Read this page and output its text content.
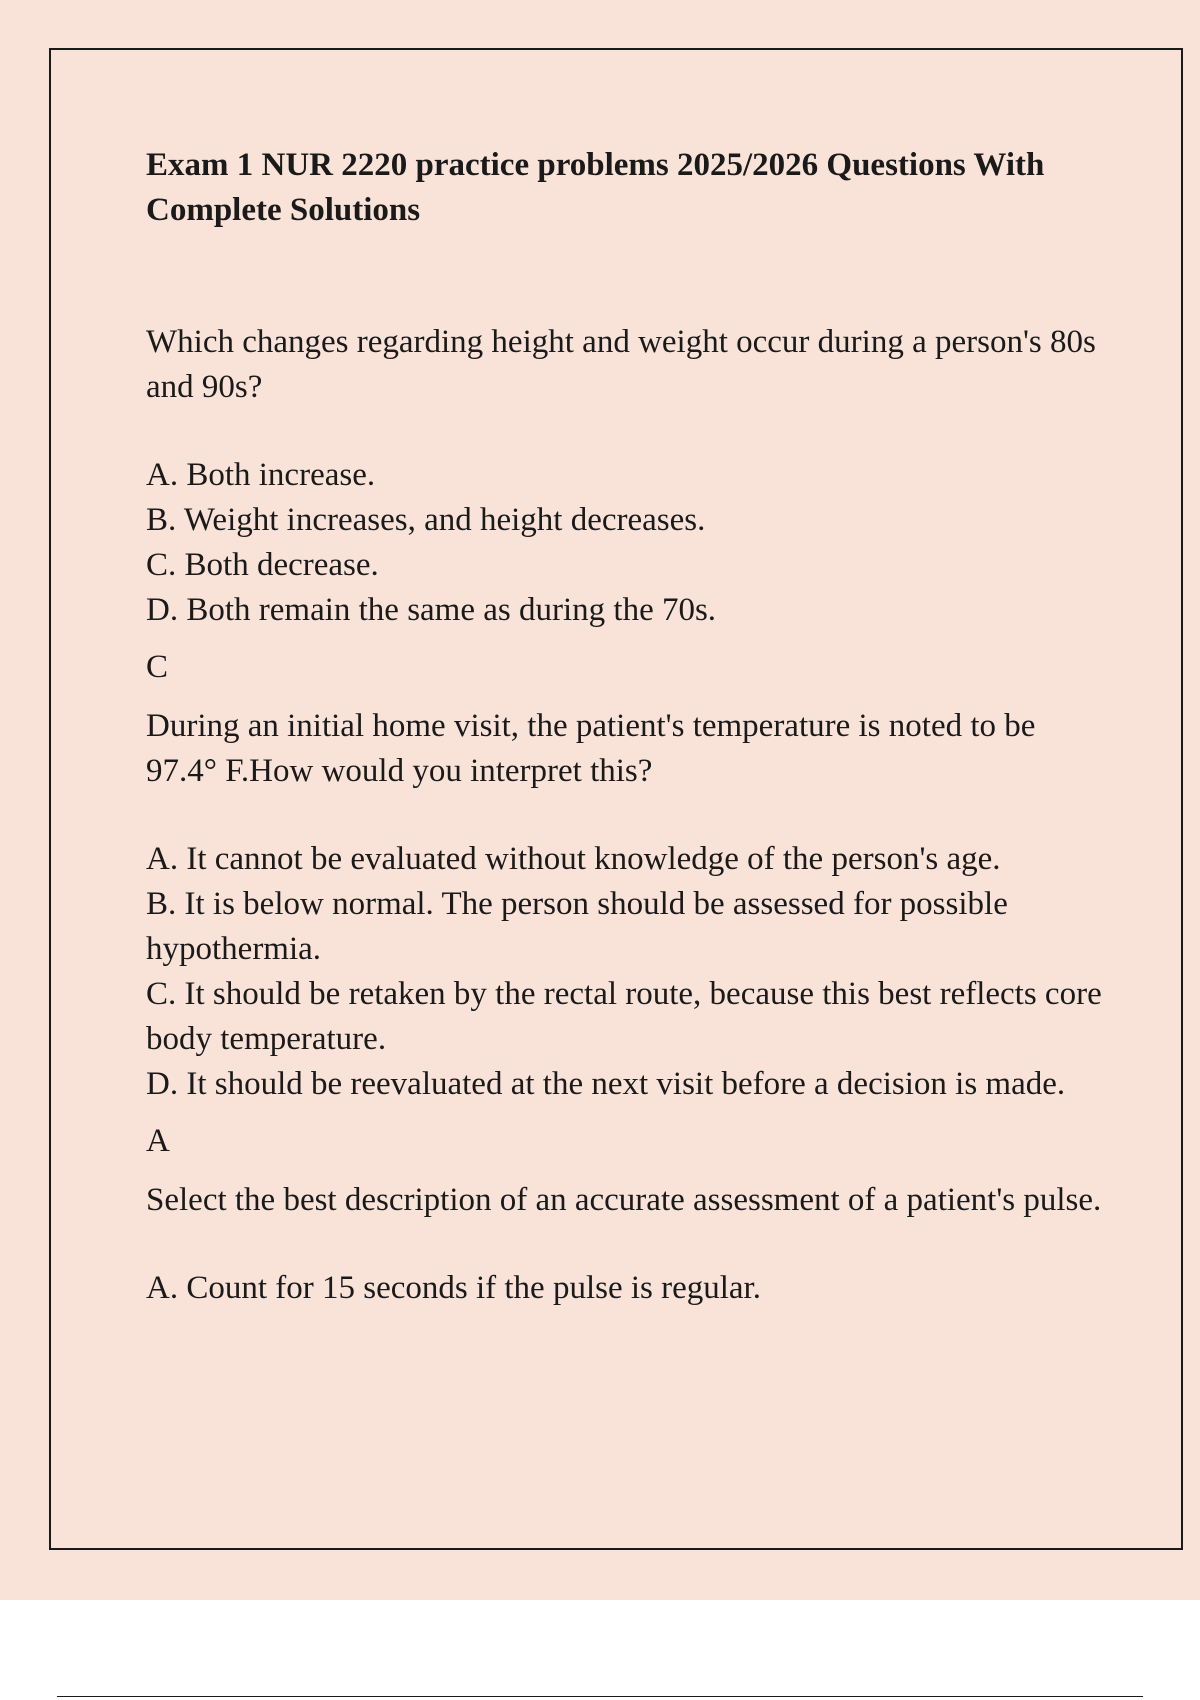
Exam 1 NUR 2220 practice problems 2025/2026 Questions With Complete Solutions
Which changes regarding height and weight occur during a person's 80s and 90s?
A. Both increase.
B. Weight increases, and height decreases.
C. Both decrease.
D. Both remain the same as during the 70s.
C
During an initial home visit, the patient's temperature is noted to be 97.4° F.How would you interpret this?
A. It cannot be evaluated without knowledge of the person's age.
B. It is below normal. The person should be assessed for possible hypothermia.
C. It should be retaken by the rectal route, because this best reflects core body temperature.
D. It should be reevaluated at the next visit before a decision is made.
A
Select the best description of an accurate assessment of a patient's pulse.
A. Count for 15 seconds if the pulse is regular.
